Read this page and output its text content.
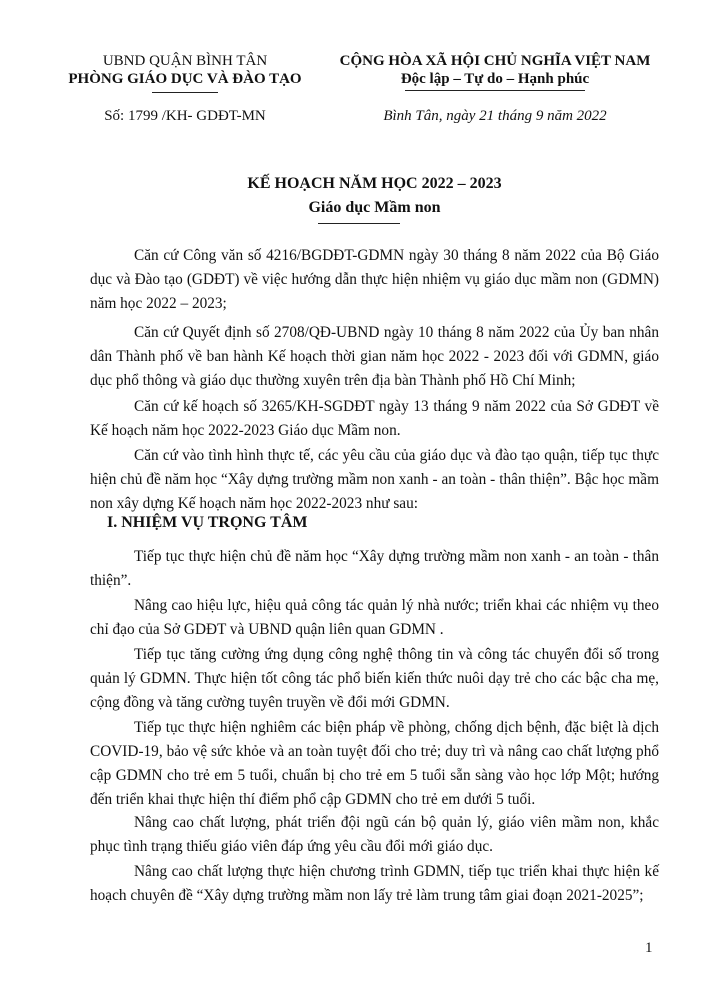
UBND QUẬN BÌNH TÂN
PHÒNG GIÁO DỤC VÀ ĐÀO TẠO
Số: 1799 /KH- GDĐT-MN
CỘNG HÒA XÃ HỘI CHỦ NGHĨA VIỆT NAM
Độc lập – Tự do – Hạnh phúc
Bình Tân, ngày 21 tháng 9 năm 2022
KẾ HOẠCH NĂM HỌC 2022 – 2023
Giáo dục Mầm non
Căn cứ Công văn số 4216/BGDĐT-GDMN ngày 30 tháng 8 năm 2022 của Bộ Giáo dục và Đào tạo (GDĐT) về việc hướng dẫn thực hiện nhiệm vụ giáo dục mầm non (GDMN) năm học 2022 – 2023;
Căn cứ Quyết định số 2708/QĐ-UBND ngày 10 tháng 8 năm 2022 của Ủy ban nhân dân Thành phố về ban hành Kế hoạch thời gian năm học 2022 - 2023 đối với GDMN, giáo dục phổ thông và giáo dục thường xuyên trên địa bàn Thành phố Hồ Chí Minh;
Căn cứ kế hoạch số 3265/KH-SGDĐT ngày 13 tháng 9 năm 2022 của Sở GDĐT về Kế hoạch năm học 2022-2023 Giáo dục Mầm non.
Căn cứ vào tình hình thực tế, các yêu cầu của giáo dục và đào tạo quận, tiếp tục thực hiện chủ đề năm học “Xây dựng trường mầm non xanh - an toàn - thân thiện”. Bậc học mầm non xây dựng Kế hoạch năm học 2022-2023 như sau:
I. NHIỆM VỤ TRỌNG TÂM
Tiếp tục thực hiện chủ đề năm học “Xây dựng trường mầm non xanh - an toàn - thân thiện”.
Nâng cao hiệu lực, hiệu quả công tác quản lý nhà nước; triển khai các nhiệm vụ theo chỉ đạo của Sở GDĐT và UBND quận liên quan GDMN .
Tiếp tục tăng cường ứng dụng công nghệ thông tin và công tác chuyển đổi số trong quản lý GDMN. Thực hiện tốt công tác phổ biến kiến thức nuôi dạy trẻ cho các bậc cha mẹ, cộng đồng và tăng cường tuyên truyền về đổi mới GDMN.
Tiếp tục thực hiện nghiêm các biện pháp về phòng, chống dịch bệnh, đặc biệt là dịch COVID-19, bảo vệ sức khỏe và an toàn tuyệt đối cho trẻ; duy trì và nâng cao chất lượng phổ cập GDMN cho trẻ em 5 tuổi, chuẩn bị cho trẻ em 5 tuổi sẵn sàng vào học lớp Một; hướng đến triển khai thực hiện thí điểm phổ cập GDMN cho trẻ em dưới 5 tuổi.
Nâng cao chất lượng, phát triển đội ngũ cán bộ quản lý, giáo viên mầm non, khắc phục tình trạng thiếu giáo viên đáp ứng yêu cầu đổi mới giáo dục.
Nâng cao chất lượng thực hiện chương trình GDMN, tiếp tục triển khai thực hiện kế hoạch chuyên đề “Xây dựng trường mầm non lấy trẻ làm trung tâm giai đoạn 2021-2025”;
1
